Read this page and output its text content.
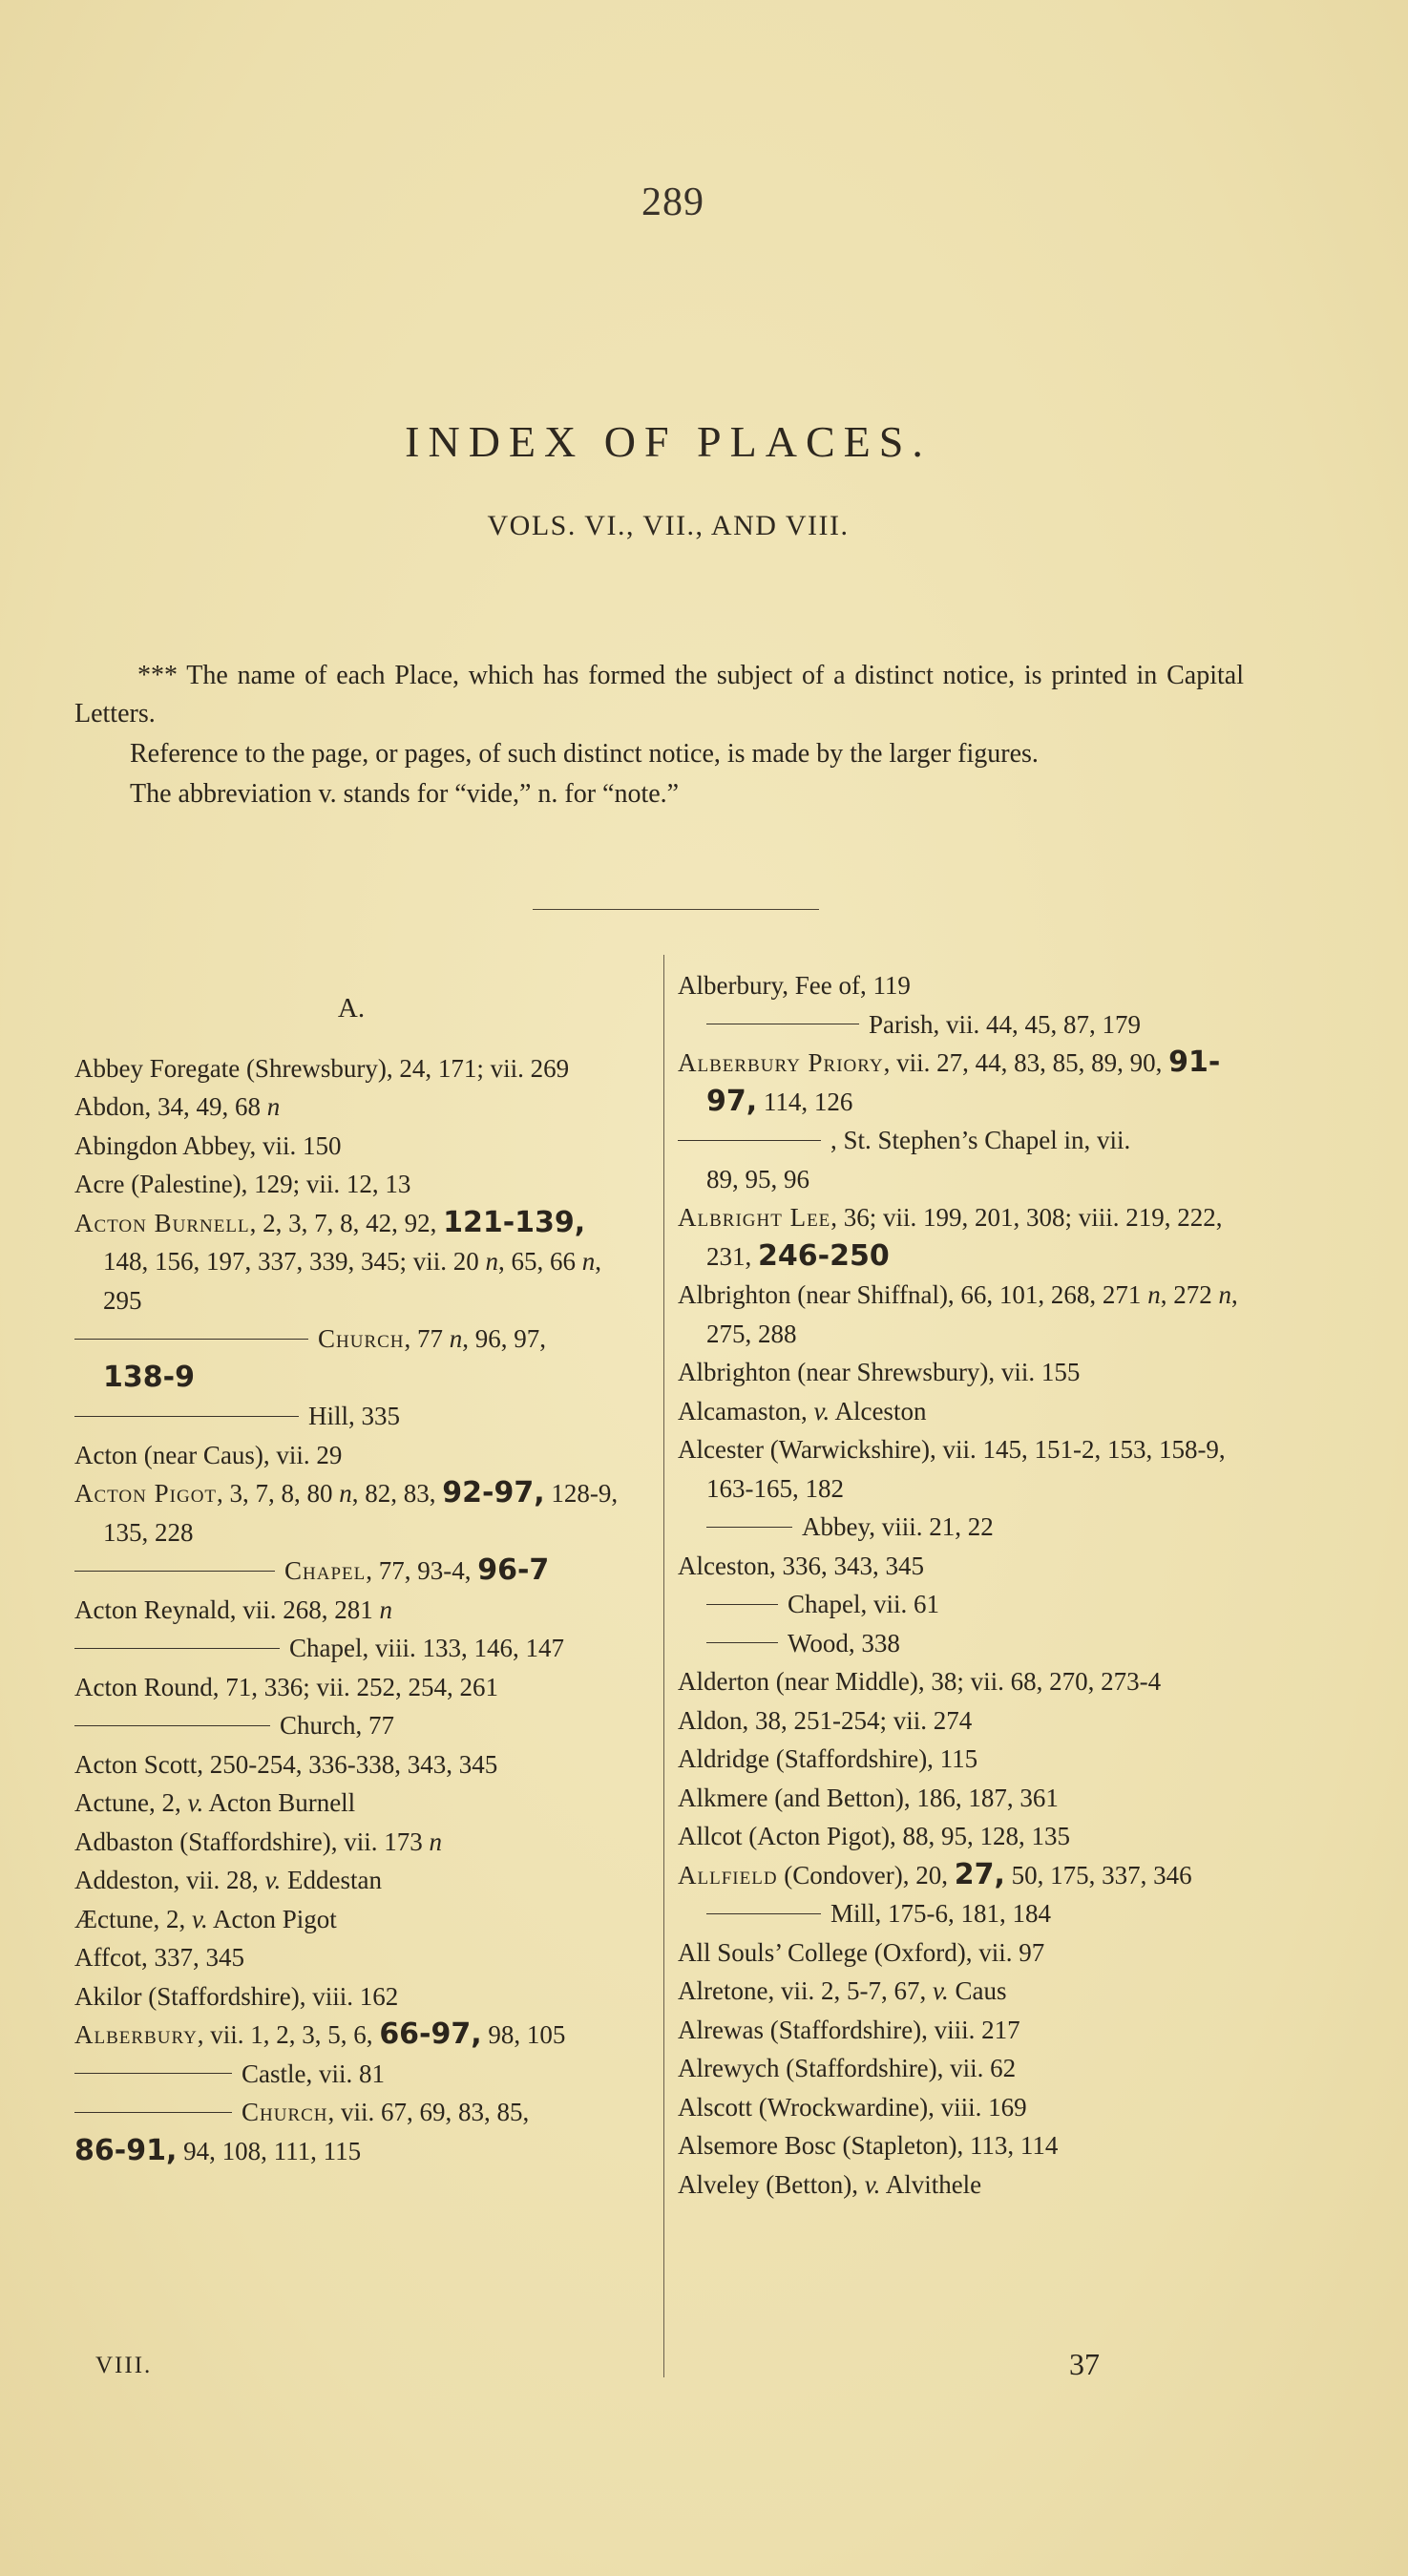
289
INDEX OF PLACES.
VOLS. VI., VII., AND VIII.

*** The name of each Place, which has formed the subject of a distinct notice, is printed in Capital Letters.

Reference to the page, or pages, of such distinct notice, is made by the larger figures.

The abbreviation v. stands for “vide,” n. for “note.”

A.
Abbey Foregate (Shrewsbury), 24, 171; vii. 269
Abdon, 34, 49, 68 n
Abingdon Abbey, vii. 150
Acre (Palestine), 129; vii. 12, 13
Acton Burnell, 2, 3, 7, 8, 42, 92, 121-139, 148, 156, 197, 337, 339, 345; vii. 20 n, 65, 66 n, 295
Church, 77 n, 96, 97,
138-9
Hill, 335
Acton (near Caus), vii. 29
Acton Pigot, 3, 7, 8, 80 n, 82, 83, 92-97, 128-9, 135, 228
Chapel, 77, 93-4, 96-7
Acton Reynald, vii. 268, 281 n
Chapel, viii. 133, 146, 147
Acton Round, 71, 336; vii. 252, 254, 261
Church, 77
Acton Scott, 250-254, 336-338, 343, 345
Actune, 2, v. Acton Burnell
Adbaston (Staffordshire), vii. 173 n
Addeston, vii. 28, v. Eddestan
Æctune, 2, v. Acton Pigot
Affcot, 337, 345
Akilor (Staffordshire), viii. 162
Alberbury, vii. 1, 2, 3, 5, 6, 66-97, 98, 105
Castle, vii. 81
Church, vii. 67, 69, 83, 85,
86-91, 94, 108, 111, 115
Alberbury, Fee of, 119
Parish, vii. 44, 45, 87, 179
Alberbury Priory, vii. 27, 44, 83, 85, 89, 90, 91-97, 114, 126
, St. Stephen’s Chapel in, vii.
89, 95, 96
Albright Lee, 36; vii. 199, 201, 308; viii. 219, 222, 231, 246-250
Albrighton (near Shiffnal), 66, 101, 268, 271 n, 272 n, 275, 288
Albrighton (near Shrewsbury), vii. 155
Alcamaston, v. Alceston
Alcester (Warwickshire), vii. 145, 151-2, 153, 158-9, 163-165, 182
Abbey, viii. 21, 22
Alceston, 336, 343, 345
Chapel, vii. 61
Wood, 338
Alderton (near Middle), 38; vii. 68, 270, 273-4
Aldon, 38, 251-254; vii. 274
Aldridge (Staffordshire), 115
Alkmere (and Betton), 186, 187, 361
Allcot (Acton Pigot), 88, 95, 128, 135
Allfield (Condover), 20, 27, 50, 175, 337, 346
Mill, 175-6, 181, 184
All Souls’ College (Oxford), vii. 97
Alretone, vii. 2, 5-7, 67, v. Caus
Alrewas (Staffordshire), viii. 217
Alrewych (Staffordshire), vii. 62
Alscott (Wrockwardine), viii. 169
Alsemore Bosc (Stapleton), 113, 114
Alveley (Betton), v. Alvithele
VIII.	37
